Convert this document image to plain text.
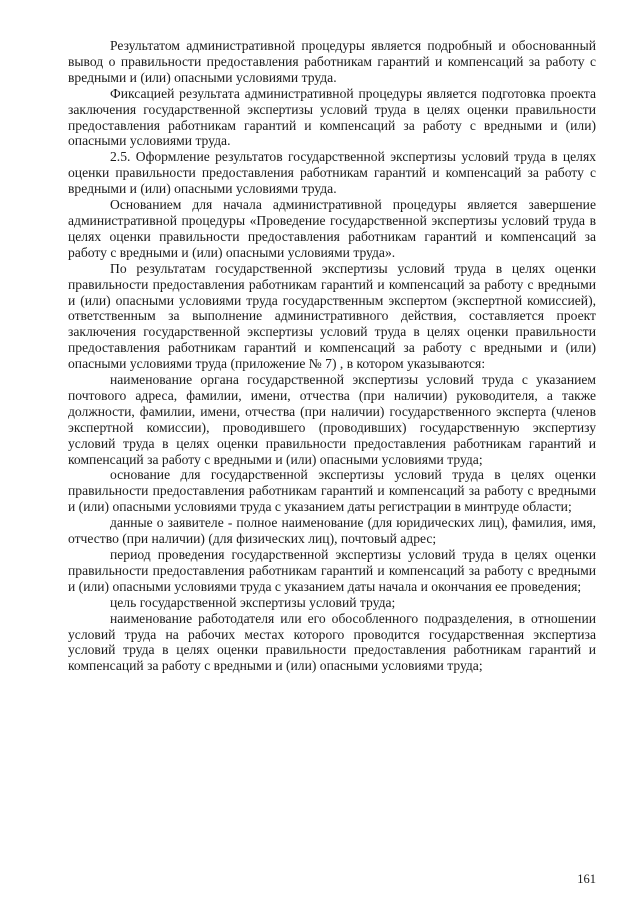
Результатом административной процедуры является подробный и обоснованный вывод о правильности предоставления работникам гарантий и компенсаций за работу с вредными и (или) опасными условиями труда.

Фиксацией результата административной процедуры является подготовка проекта заключения государственной экспертизы условий труда в целях оценки правильности предоставления работникам гарантий и компенсаций за работу с вредными и (или) опасными условиями труда.

2.5. Оформление результатов государственной экспертизы условий труда в целях оценки правильности предоставления работникам гарантий и компенсаций за работу с вредными и (или) опасными условиями труда.

Основанием для начала административной процедуры является завершение административной процедуры «Проведение государственной экспертизы условий труда в целях оценки правильности предоставления работникам гарантий и компенсаций за работу с вредными и (или) опасными условиями труда».

По результатам государственной экспертизы условий труда в целях оценки правильности предоставления работникам гарантий и компенсаций за работу с вредными и (или) опасными условиями труда государственным экспертом (экспертной комиссией), ответственным за выполнение административного действия, составляется проект заключения государственной экспертизы условий труда в целях оценки правильности предоставления работникам гарантий и компенсаций за работу с вредными и (или) опасными условиями труда (приложение № 7) , в котором указываются:

наименование органа государственной экспертизы условий труда с указанием почтового адреса, фамилии, имени, отчества (при наличии) руководителя, а также должности, фамилии, имени, отчества (при наличии) государственного эксперта (членов экспертной комиссии), проводившего (проводивших) государственную экспертизу условий труда в целях оценки правильности предоставления работникам гарантий и компенсаций за работу с вредными и (или) опасными условиями труда;

основание для государственной экспертизы условий труда в целях оценки правильности предоставления работникам гарантий и компенсаций за работу с вредными и (или) опасными условиями труда с указанием даты регистрации в минтруде области;

данные о заявителе - полное наименование (для юридических лиц), фамилия, имя, отчество (при наличии) (для физических лиц), почтовый адрес;

период проведения государственной экспертизы условий труда в целях оценки правильности предоставления работникам гарантий и компенсаций за работу с вредными и (или) опасными условиями труда с указанием даты начала и окончания ее проведения;

цель государственной экспертизы условий труда;

наименование работодателя или его обособленного подразделения, в отношении условий труда на рабочих местах которого проводится государственная экспертиза условий труда в целях оценки правильности предоставления работникам гарантий и компенсаций за работу с вредными и (или) опасными условиями труда;

161
